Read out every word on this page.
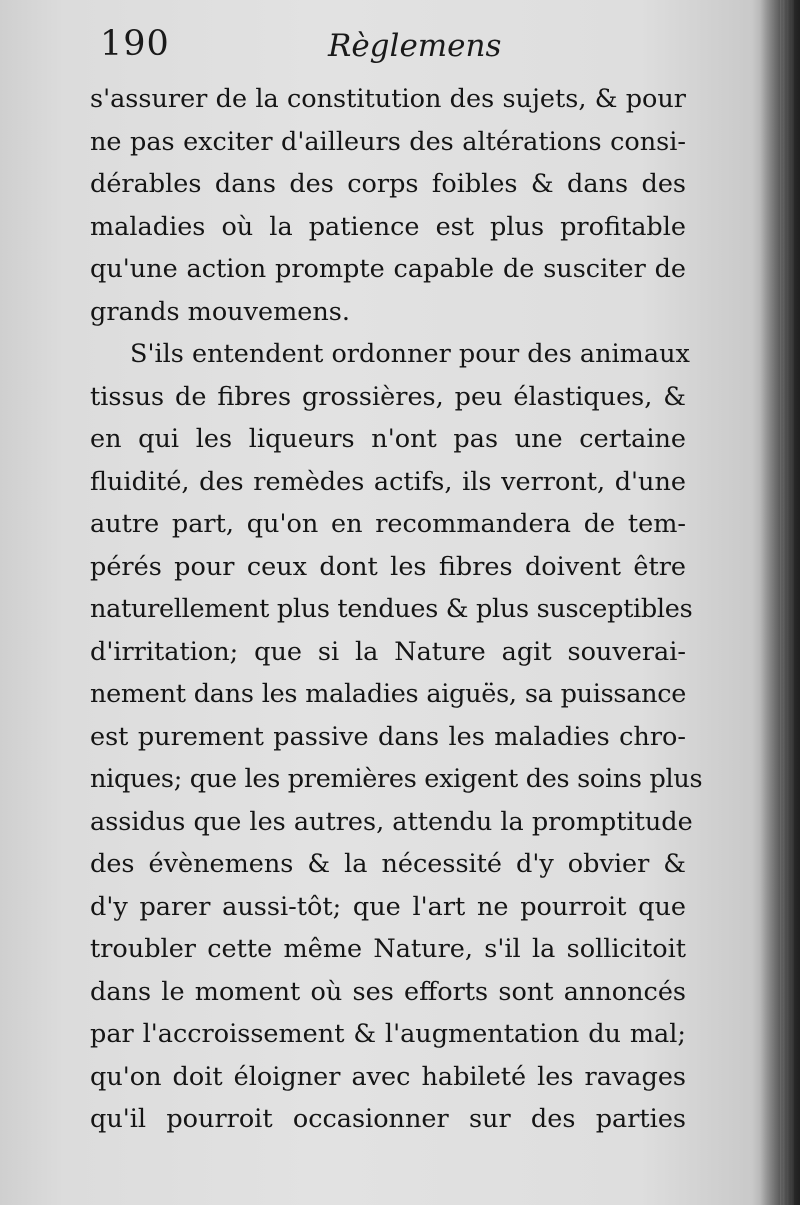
190	Règlemens
s'assurer de la constitution des sujets, & pour
ne pas exciter d'ailleurs des altérations consi-
dérables dans des corps foibles & dans des
maladies où la patience est plus profitable
qu'une action prompte capable de susciter de
grands mouvemens.
S'ils entendent ordonner pour des animaux
tissus de fibres grossières, peu élastiques, &
en qui les liqueurs n'ont pas une certaine
fluidité, des remèdes actifs, ils verront, d'une
autre part, qu'on en recommandera de tem-
pérés pour ceux dont les fibres doivent être
naturellement plus tendues & plus susceptibles
d'irritation; que si la Nature agit souverai-
nement dans les maladies aiguës, sa puissance
est purement passive dans les maladies chro-
niques; que les premières exigent des soins plus
assidus que les autres, attendu la promptitude
des évènemens & la nécessité d'y obvier &
d'y parer aussi-tôt; que l'art ne pourroit que
troubler cette même Nature, s'il la sollicitoit
dans le moment où ses efforts sont annoncés
par l'accroissement & l'augmentation du mal;
qu'on doit éloigner avec habileté les ravages
qu'il pourroit occasionner sur des parties
